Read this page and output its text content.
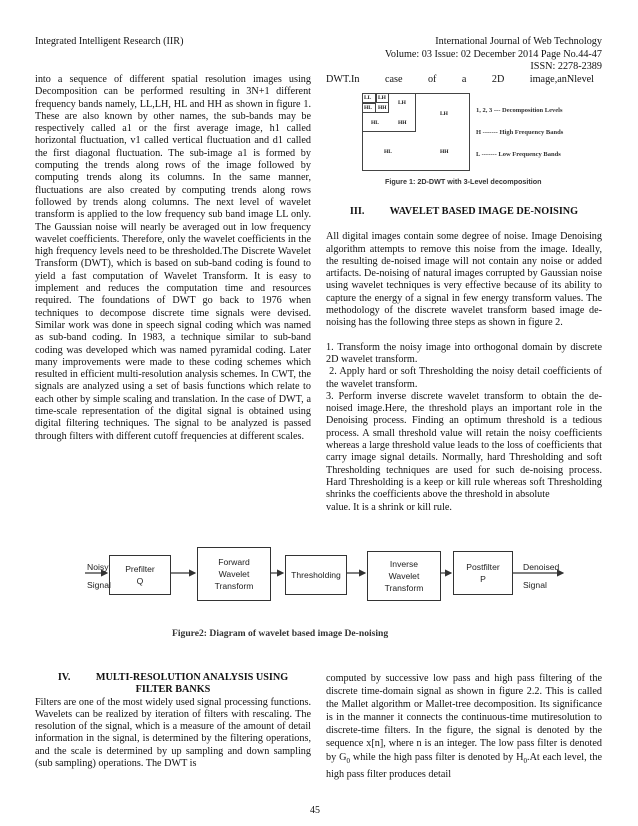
Integrated Intelligent Research (IIR)	International Journal of Web Technology
Volume: 03 Issue: 02 December 2014 Page No.44-47
ISSN: 2278-2389

into a sequence of different spatial resolution images using Decomposition can be performed resulting in 3N+1 different frequency bands namely, LL,LH, HL and HH as shown in figure 1. These are also known by other names, the sub-bands may be respectively called a1 or the first average image, h1 called horizontal fluctuation, v1 called vertical fluctuation and d1 called the first diagonal fluctuation. The sub-image a1 is formed by computing the trends along rows of the image followed by computing trends along its columns. In the same manner, fluctuations are also created by computing trends along rows followed by trends along columns. The next level of wavelet transform is applied to the low frequency sub band image LL only. The Gaussian noise will nearly be averaged out in low frequency wavelet coefficients. Therefore, only the wavelet coefficients in the high frequency levels need to be thresholded.The Discrete Wavelet Transform (DWT), which is based on sub-band coding is found to yield a fast computation of Wavelet Transform. It is easy to implement and reduces the computation time and resources required. The foundations of DWT go back to 1976 when techniques to decompose discrete time signals were devised. Similar work was done in speech signal coding which was named as sub-band coding. In 1983, a technique similar to sub-band coding was developed which was named pyramidal coding. Later many improvements were made to these coding schemes which resulted in efficient multi-resolution analysis schemes. In CWT, the signals are analyzed using a set of basis functions which relate to each other by simple scaling and translation. In the case of DWT, a time-scale representation of the digital signal is obtained using digital filtering techniques. The signal to be analyzed is passed through filters with different cutoff frequencies at different scales.

DWT.In          case          of          a          2D          image,anNlevel
LL
HL
LH
HH
LH
HL	HH
LH
HL	HH
1, 2, 3 --- Decomposition Levels
H ------- High Frequency Bands
L ------- Low Frequency Bands
Figure 1: 2D-DWT with 3-Level decomposition

III.          WAVELET BASED IMAGE DE-NOISING

All digital images contain some degree of noise. Image Denoising algorithm attempts to remove this noise from the image. Ideally, the resulting de-noised image will not contain any noise or added artifacts. De-noising of natural images corrupted by Gaussian noise using wavelet techniques is very effective because of its ability to capture the energy of a signal in few energy transform values. The methodology of the discrete wavelet transform based image de-noising has the following three steps as shown in figure 2.

1. Transform the noisy image into orthogonal domain by discrete 2D wavelet transform.

2. Apply hard or soft Thresholding the noisy detail coefficients of the wavelet transform.

3. Perform inverse discrete wavelet transform to obtain the de-noised image.Here, the threshold plays an important role in the Denoising process. Finding an optimum threshold is a tedious process. A small threshold value will retain the noisy coefficients whereas a large threshold value leads to the loss of coefficients that carry image signal details. Normally, hard Thresholding and soft Thresholding techniques are used for such de-noising process. Hard Thresholding is a keep or kill rule whereas soft Thresholding shrinks the coefficients above the threshold in absolute

value. It is a shrink or kill rule.

Noisy
Signal
Prefilter
Q
Forward
Wavelet
Transform
Thresholding
Inverse
Wavelet
Transform
Postfilter
P
Denoised
Signal
Figure2: Diagram of wavelet based image De-noising

IV.          MULTI-RESOLUTION ANALYSIS USING

FILTER BANKS

Filters are one of the most widely used signal processing functions. Wavelets can be realized by iteration of filters with rescaling. The resolution of the signal, which is a measure of the amount of detail information in the signal, is determined by the filtering operations, and the scale is determined by up sampling and down sampling (sub sampling) operations. The DWT is

computed by successive low pass and high pass filtering of the discrete time-domain signal as shown in figure 2.2. This is called the Mallet algorithm or Mallet-tree decomposition. Its significance is in the manner it connects the continuous-time mutiresolution to discrete-time filters. In the figure, the signal is denoted by the sequence x[n], where n is an integer. The low pass filter is denoted by $G_0$ while the high pass filter is denoted by $H_0.At$ each level, the high pass filter produces detail

45
